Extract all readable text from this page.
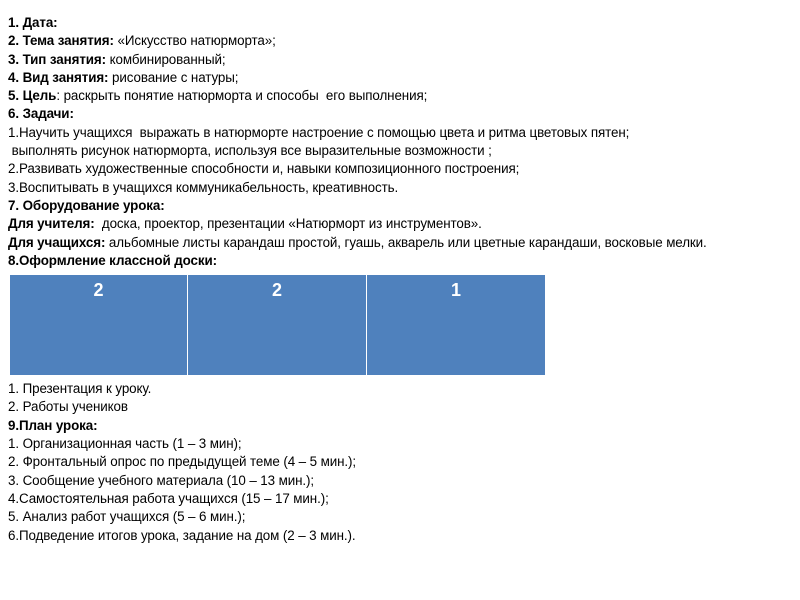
1. Дата:
2. Тема занятия: «Искусство натюрморта»;
3. Тип занятия: комбинированный;
4. Вид занятия: рисование с натуры;
5. Цель: раскрыть понятие натюрморта и способы  его выполнения;
6. Задачи:
1.Научить учащихся  выражать в натюрморте настроение с помощью цвета и ритма цветовых пятен;
выполнять рисунок натюрморта, используя все выразительные возможности ;
2.Развивать художественные способности и, навыки композиционного построения;
3.Воспитывать в учащихся коммуникабельность, креативность.
7. Оборудование урока:
Для учителя:  доска, проектор, презентации «Натюрморт из инструментов».
Для учащихся: альбомные листы карандаш простой, гуашь, акварель или цветные карандаши, восковые мелки.
8.Оформление классной доски:
2	2	1
1. Презентация к уроку.
2. Работы учеников
9.План урока:
1. Организационная часть (1 – 3 мин);
2. Фронтальный опрос по предыдущей теме (4 – 5 мин.);
3. Сообщение учебного материала (10 – 13 мин.);
4.Самостоятельная работа учащихся (15 – 17 мин.);
5. Анализ работ учащихся (5 – 6 мин.);
6.Подведение итогов урока, задание на дом (2 – 3 мин.).
